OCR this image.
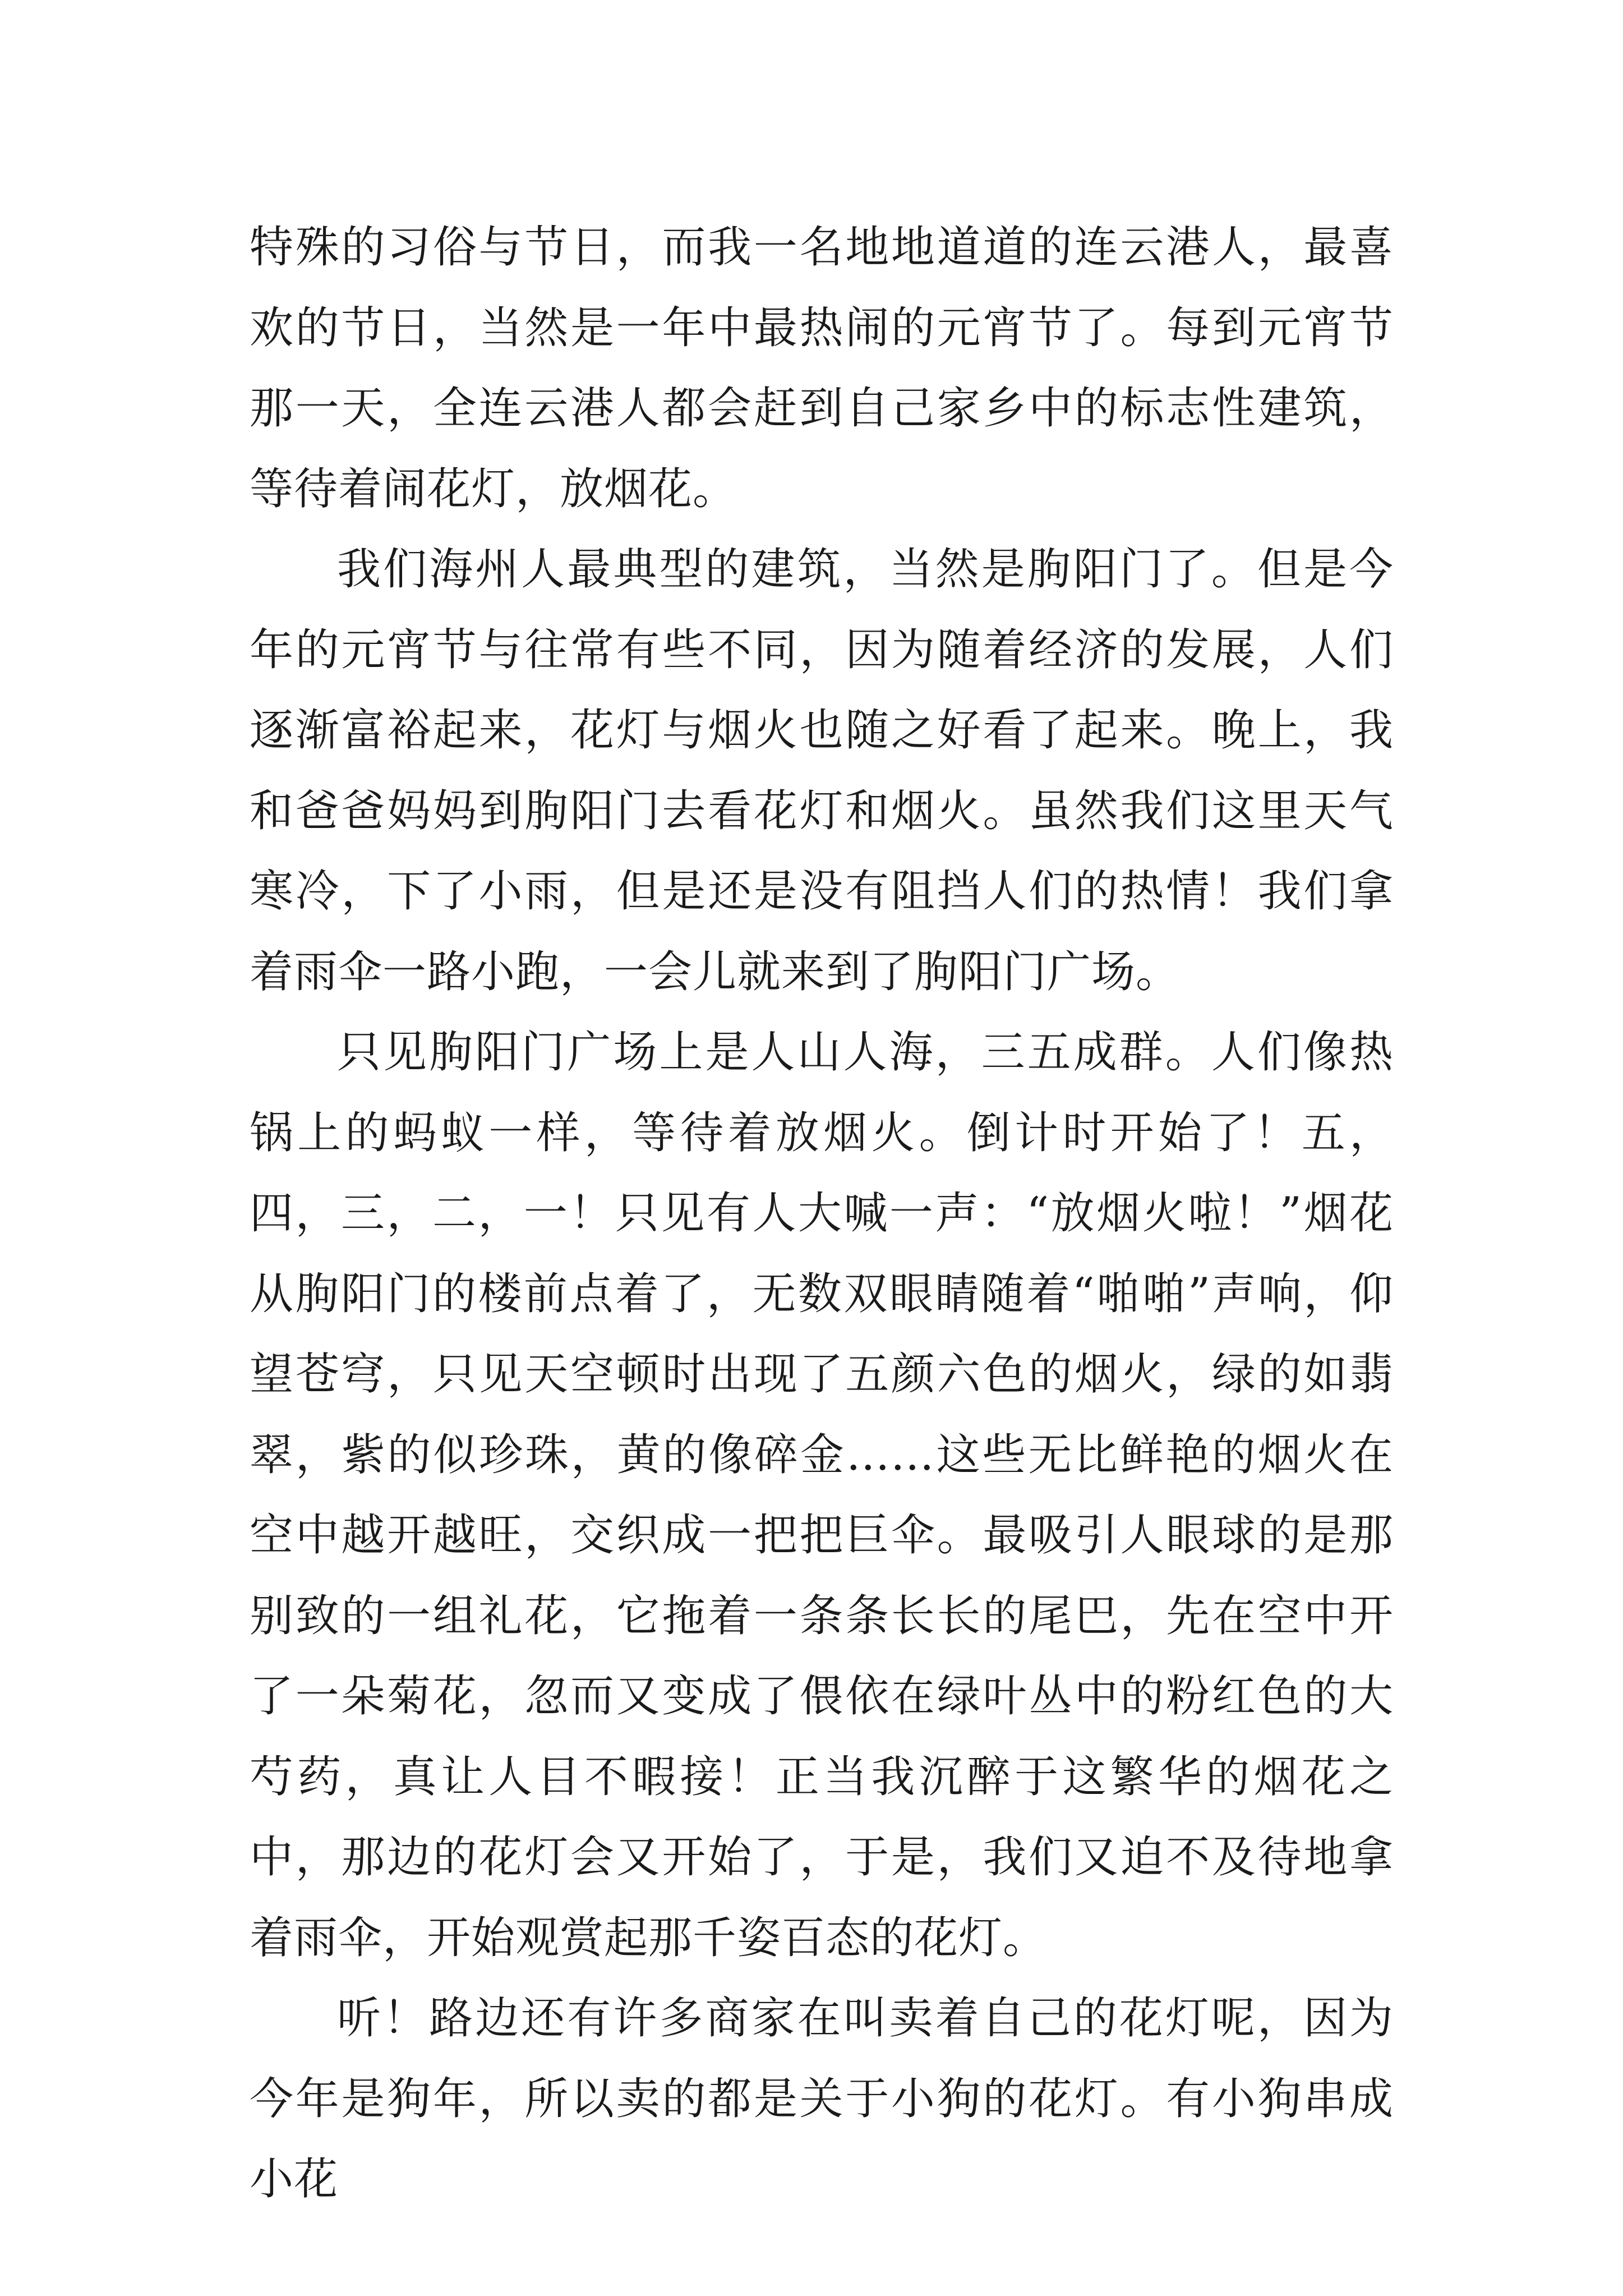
特殊的习俗与节日，而我一名地地道道的连云港人，最喜欢的节日，当然是一年中最热闹的元宵节了。每到元宵节那一天，全连云港人都会赶到自己家乡中的标志性建筑，等待着闹花灯，放烟花。

我们海州人最典型的建筑，当然是朐阳门了。但是今年的元宵节与往常有些不同，因为随着经济的发展，人们逐渐富裕起来，花灯与烟火也随之好看了起来。晚上，我和爸爸妈妈到朐阳门去看花灯和烟火。虽然我们这里天气寒冷，下了小雨，但是还是没有阻挡人们的热情！我们拿着雨伞一路小跑，一会儿就来到了朐阳门广场。

只见朐阳门广场上是人山人海，三五成群。人们像热锅上的蚂蚁一样，等待着放烟火。倒计时开始了！五，四，三，二，一！只见有人大喊一声：“放烟火啦！”烟花从朐阳门的楼前点着了，无数双眼睛随着“啪啪”声响，仰望苍穹，只见天空顿时出现了五颜六色的烟火，绿的如翡翠，紫的似珍珠，黄的像碎金……这些无比鲜艳的烟火在空中越开越旺，交织成一把把巨伞。最吸引人眼球的是那别致的一组礼花，它拖着一条条长长的尾巴，先在空中开了一朵菊花，忽而又变成了偎依在绿叶丛中的粉红色的大芍药，真让人目不暇接！正当我沉醉于这繁华的烟花之中，那边的花灯会又开始了，于是，我们又迫不及待地拿着雨伞，开始观赏起那千姿百态的花灯。

听！路边还有许多商家在叫卖着自己的花灯呢，因为今年是狗年，所以卖的都是关于小狗的花灯。有小狗串成小花
